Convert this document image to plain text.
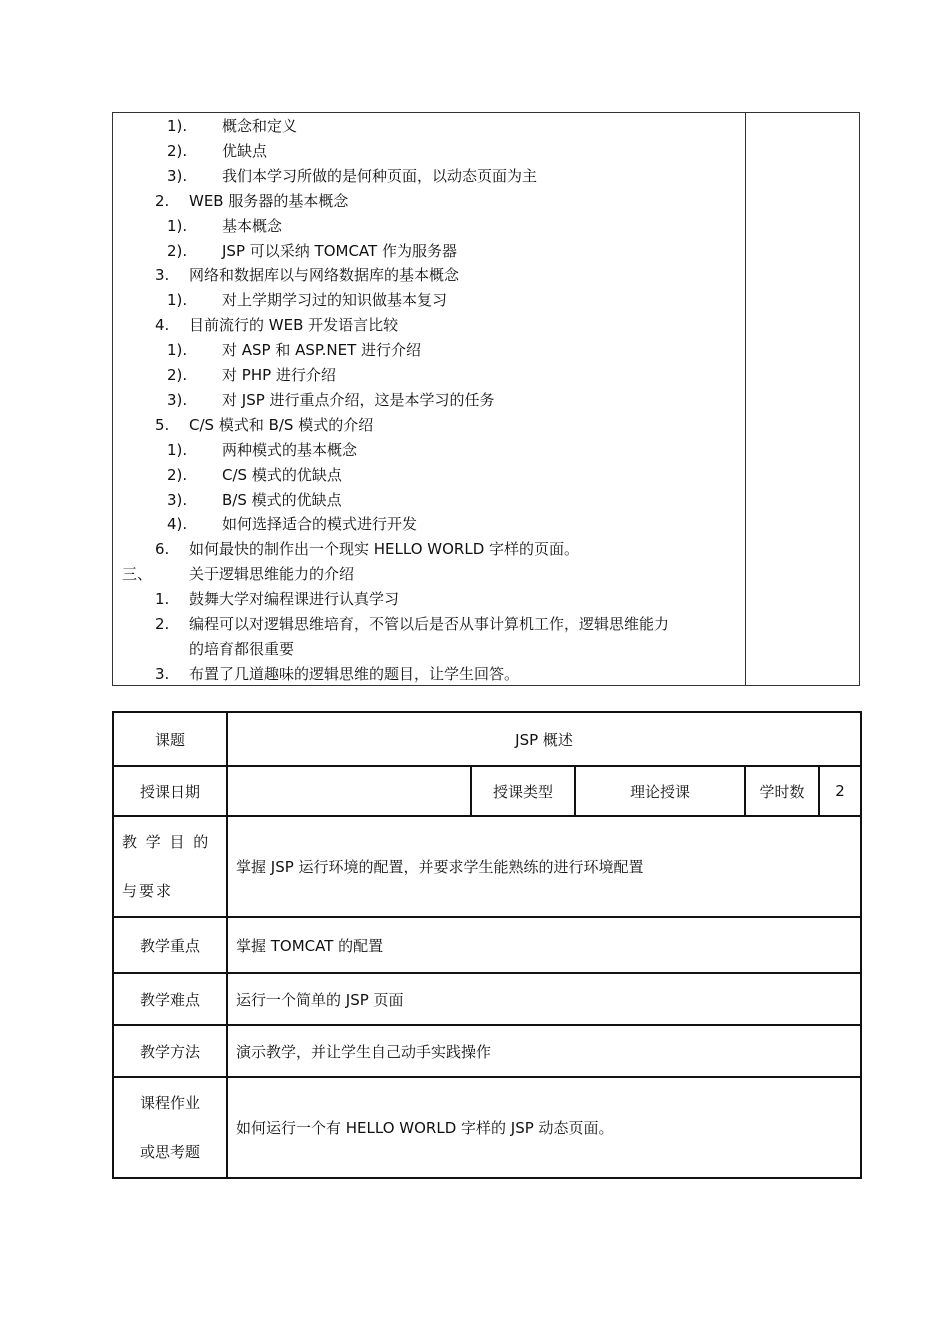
1). 概念和定义
2). 优缺点
3). 我们本学习所做的是何种页面，以动态页面为主
2. WEB 服务器的基本概念
1). 基本概念
2). JSP 可以采纳 TOMCAT 作为服务器
3. 网络和数据库以与网络数据库的基本概念
1). 对上学期学习过的知识做基本复习
4. 目前流行的 WEB 开发语言比较
1). 对 ASP 和 ASP.NET 进行介绍
2). 对 PHP 进行介绍
3). 对 JSP 进行重点介绍，这是本学习的任务
5. C/S 模式和 B/S 模式的介绍
1). 两种模式的基本概念
2). C/S 模式的优缺点
3). B/S 模式的优缺点
4). 如何选择适合的模式进行开发
6. 如何最快的制作出一个现实 HELLO WORLD 字样的页面。
三、 关于逻辑思维能力的介绍
1. 鼓舞大学对编程课进行认真学习
2. 编程可以对逻辑思维培育，不管以后是否从事计算机工作，逻辑思维能力
的培育都很重要
3. 布置了几道趣味的逻辑思维的题目，让学生回答。
课题	JSP 概述				
授课日期		授课类型	理论授课	学时数	2

教 学 目 的
与要求	掌握 JSP 运行环境的配置，并要求学生能熟练的进行环境配置				
教学重点	掌握 TOMCAT 的配置				
教学难点	运行一个简单的 JSP 页面				
教学方法	演示教学，并让学生自己动手实践操作				

课程作业
或思考题	如何运行一个有 HELLO WORLD 字样的 JSP 动态页面。				
